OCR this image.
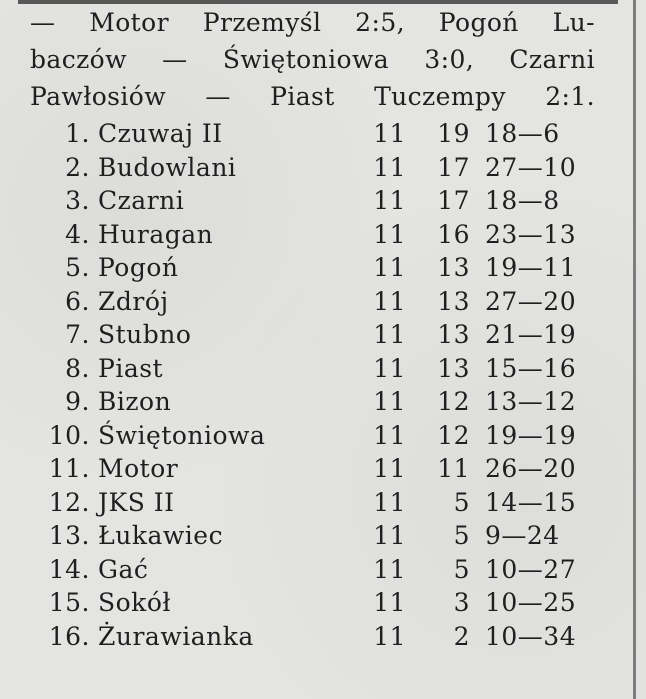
— Motor Przemyśl 2:5, Pogoń Lu-
baczów — Świętoniowa 3:0, Czarni
Pawłosiów — Piast Tuczempy 2:1.
1. Czuwaj II	11 19 18—6
2. Budowlani	11 17 27—10
3. Czarni	11 17 18—8
4. Huragan	11 16 23—13
5. Pogoń	11 13 19—11
6. Zdrój	11 13 27—20
7. Stubno	11 13 21—19
8. Piast	11 13 15—16
9. Bizon	11 12 13—12
10. Świętoniowa	11 12 19—19
11. Motor	11 11 26—20
12. JKS II	11	5 14—15
13. Łukawiec	11	5 9—24
14. Gać	11	5 10—27
15. Sokół	11	3 10—25
16. Żurawianka	11	2 10—34
